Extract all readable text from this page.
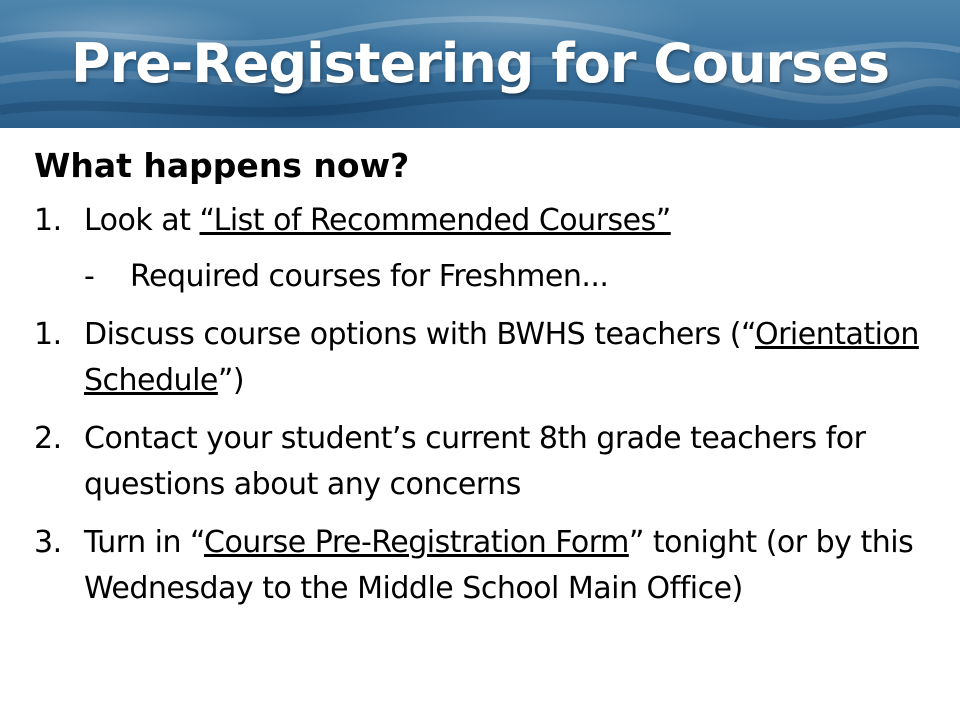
Pre-Registering for Courses
What happens now?
1. Look at “List of Recommended Courses”
-	Required courses for Freshmen...
1. Discuss course options with BWHS teachers (“Orientation Schedule”)
2. Contact your student’s current 8th grade teachers for questions about any concerns
3. Turn in “Course Pre-Registration Form” tonight (or by this Wednesday to the Middle School Main Office)
